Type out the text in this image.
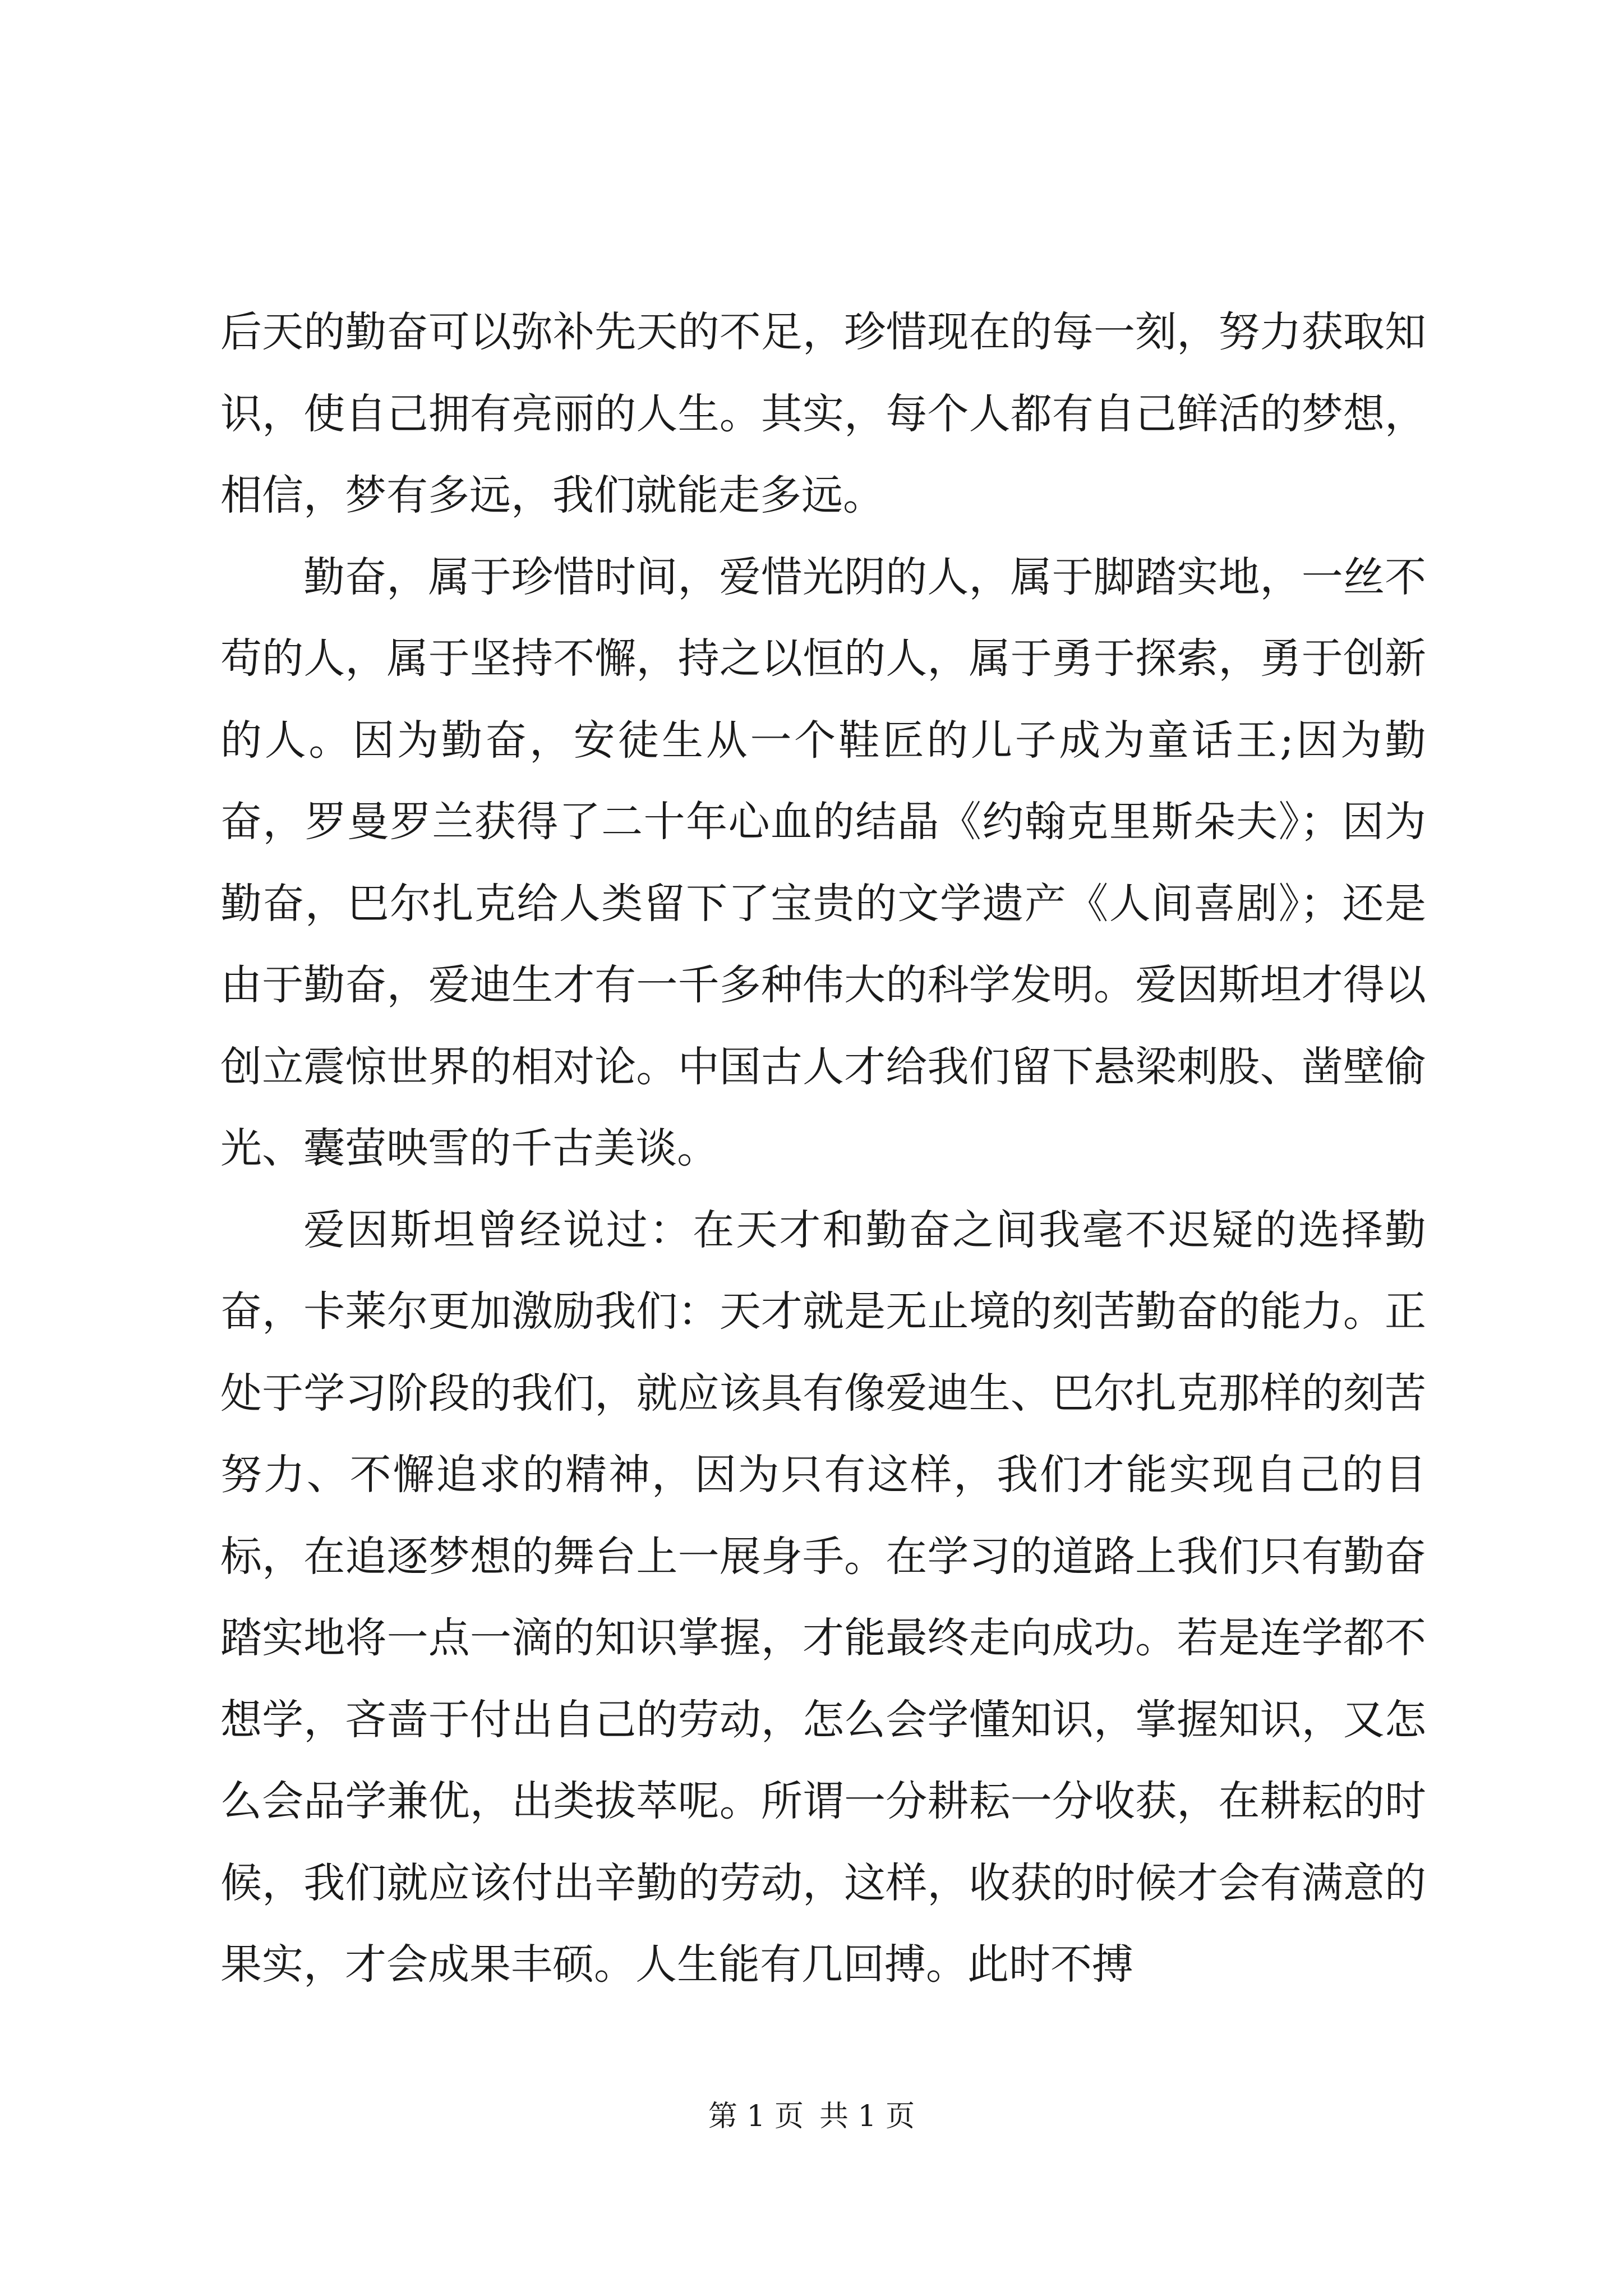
后天的勤奋可以弥补先天的不足，珍惜现在的每一刻，努力获取知识，使自己拥有亮丽的人生。其实，每个人都有自己鲜活的梦想，相信，梦有多远，我们就能走多远。

勤奋，属于珍惜时间，爱惜光阴的人，属于脚踏实地，一丝不苟的人，属于坚持不懈，持之以恒的人，属于勇于探索，勇于创新的人。因为勤奋，安徒生从一个鞋匠的儿子成为童话王;因为勤奋，罗曼罗兰获得了二十年心血的结晶《约翰克里斯朵夫》；因为勤奋，巴尔扎克给人类留下了宝贵的文学遗产《人间喜剧》；还是由于勤奋，爱迪生才有一千多种伟大的科学发明。爱因斯坦才得以创立震惊世界的相对论。中国古人才给我们留下悬梁刺股、凿壁偷光、囊萤映雪的千古美谈。

爱因斯坦曾经说过：在天才和勤奋之间我毫不迟疑的选择勤奋，卡莱尔更加激励我们：天才就是无止境的刻苦勤奋的能力。正处于学习阶段的我们，就应该具有像爱迪生、巴尔扎克那样的刻苦努力、不懈追求的精神，因为只有这样，我们才能实现自己的目标，在追逐梦想的舞台上一展身手。在学习的道路上我们只有勤奋踏实地将一点一滴的知识掌握，才能最终走向成功。若是连学都不想学，吝啬于付出自己的劳动，怎么会学懂知识，掌握知识，又怎么会品学兼优，出类拔萃呢。所谓一分耕耘一分收获，在耕耘的时候，我们就应该付出辛勤的劳动，这样，收获的时候才会有满意的果实，才会成果丰硕。人生能有几回搏。此时不搏

第 1 页 共 1 页
